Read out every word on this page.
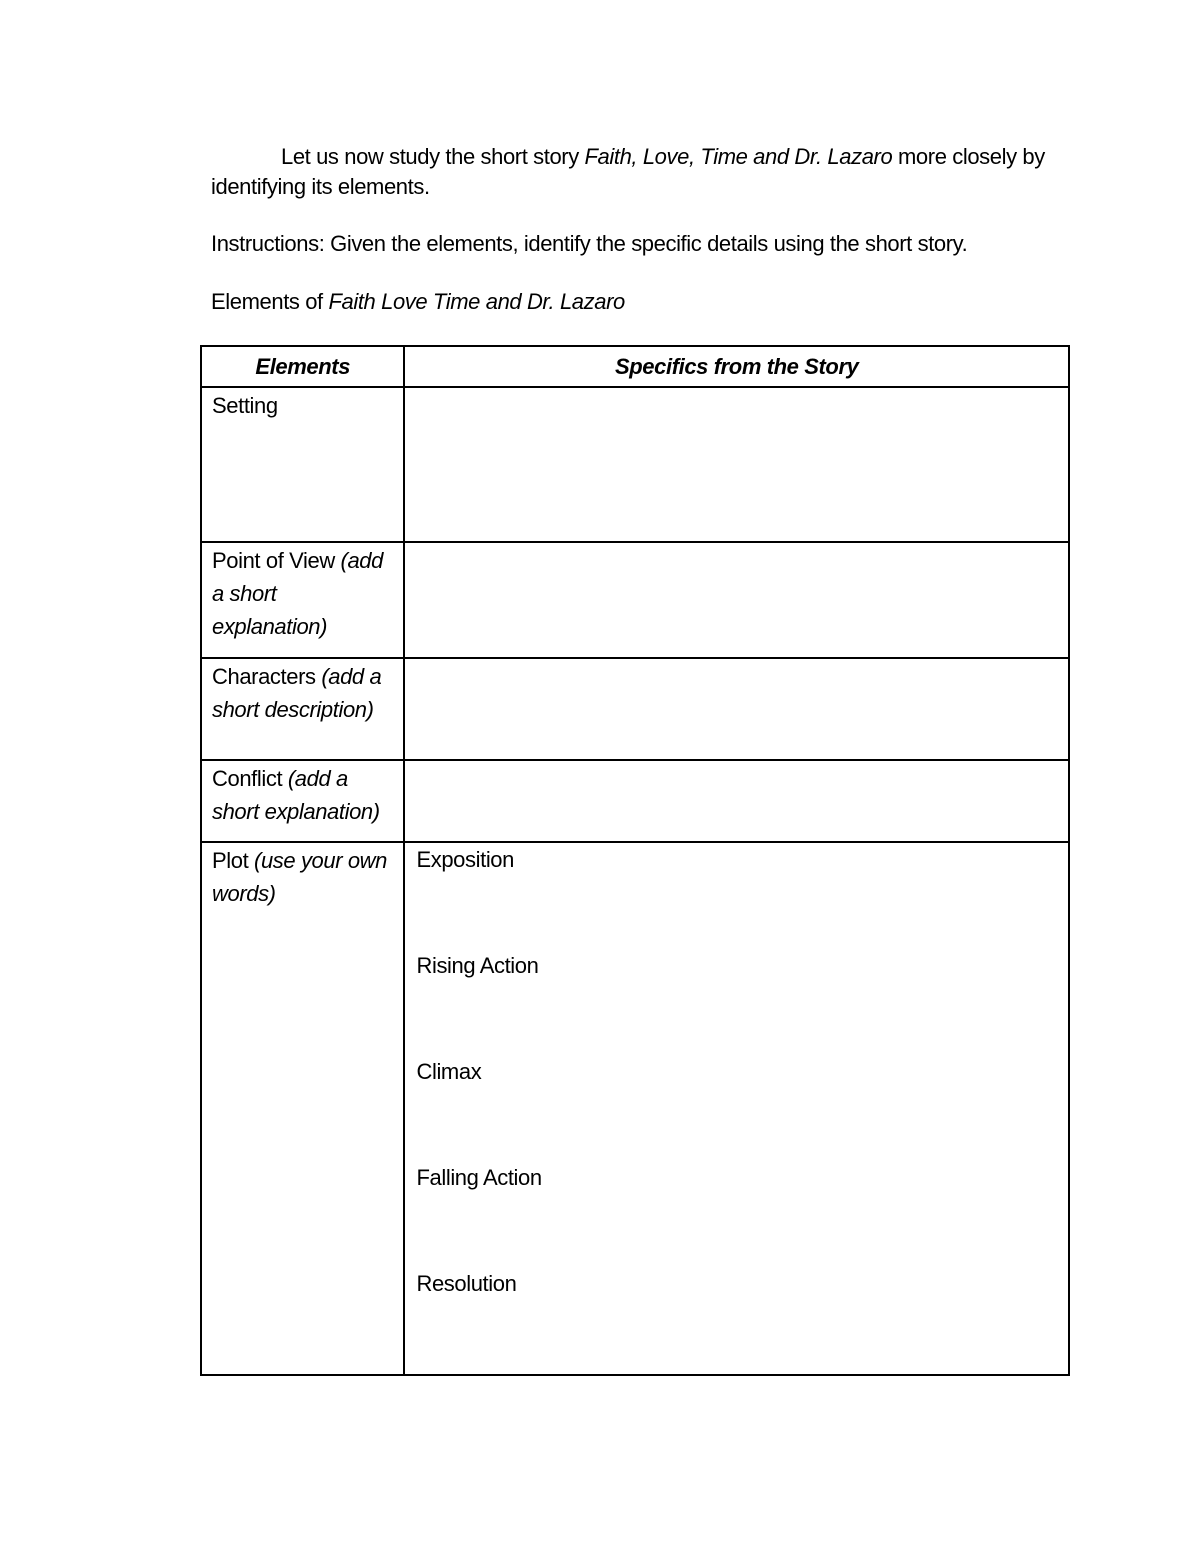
Let us now study the short story Faith, Love, Time and Dr. Lazaro more closely by identifying its elements.
Instructions: Given the elements, identify the specific details using the short story.
Elements of Faith Love Time and Dr. Lazaro
Elements	Specifics from the Story

Setting	

Point of View (add a short explanation)	

Characters (add a short description)	

Conflict (add a short explanation)	

Plot (use your own words)	Exposition
Rising Action
Climax
Falling Action
Resolution
